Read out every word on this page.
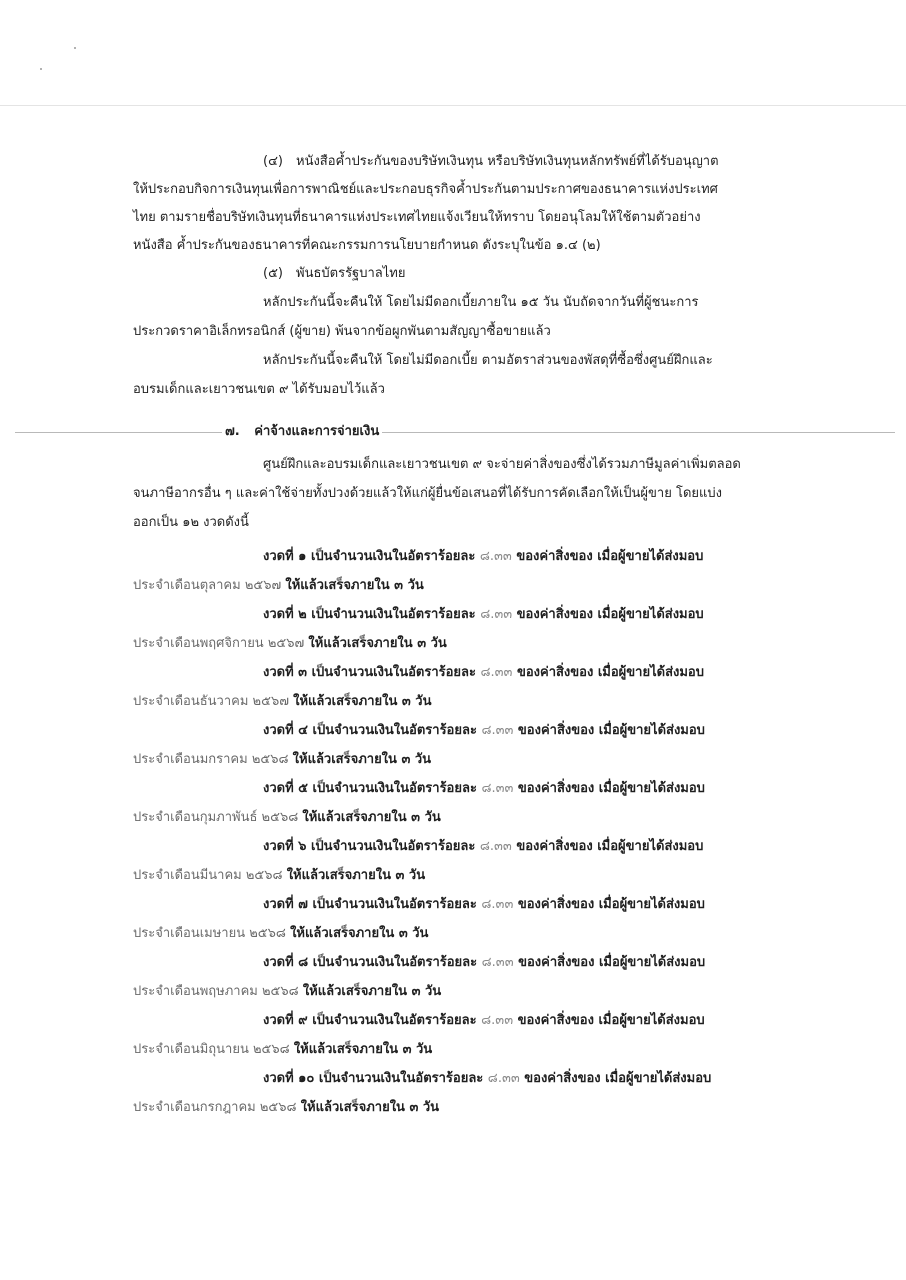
(๔) หนังสือค้ำประกันของบริษัทเงินทุน หรือบริษัทเงินทุนหลักทรัพย์ที่ได้รับอนุญาต
ให้ประกอบกิจการเงินทุนเพื่อการพาณิชย์และประกอบธุรกิจค้ำประกันตามประกาศของธนาคารแห่งประเทศ
ไทย ตามรายชื่อบริษัทเงินทุนที่ธนาคารแห่งประเทศไทยแจ้งเวียนให้ทราบ โดยอนุโลมให้ใช้ตามตัวอย่าง
หนังสือ ค้ำประกันของธนาคารที่คณะกรรมการนโยบายกำหนด ดังระบุในข้อ ๑.๔ (๒)
(๕) พันธบัตรรัฐบาลไทย
หลักประกันนี้จะคืนให้ โดยไม่มีดอกเบี้ยภายใน ๑๕ วัน นับถัดจากวันที่ผู้ชนะการ
ประกวดราคาอิเล็กทรอนิกส์ (ผู้ขาย) พ้นจากข้อผูกพันตามสัญญาซื้อขายแล้ว
หลักประกันนี้จะคืนให้ โดยไม่มีดอกเบี้ย ตามอัตราส่วนของพัสดุที่ซื้อซึ่งศูนย์ฝึกและ
อบรมเด็กและเยาวชนเขต ๙ ได้รับมอบไว้แล้ว
๗. ค่าจ้างและการจ่ายเงิน
ศูนย์ฝึกและอบรมเด็กและเยาวชนเขต ๙ จะจ่ายค่าสิ่งของซึ่งได้รวมภาษีมูลค่าเพิ่มตลอด
จนภาษีอากรอื่น ๆ และค่าใช้จ่ายทั้งปวงด้วยแล้วให้แก่ผู้ยื่นข้อเสนอที่ได้รับการคัดเลือกให้เป็นผู้ขาย โดยแบ่ง
ออกเป็น ๑๒ งวดดังนี้
งวดที่ ๑ เป็นจำนวนเงินในอัตราร้อยละ ๘.๓๓ ของค่าสิ่งของ เมื่อผู้ขายได้ส่งมอบ
ประจำเดือนตุลาคม ๒๕๖๗ ให้แล้วเสร็จภายใน ๓ วัน
งวดที่ ๒ เป็นจำนวนเงินในอัตราร้อยละ ๘.๓๓ ของค่าสิ่งของ เมื่อผู้ขายได้ส่งมอบ
ประจำเดือนพฤศจิกายน ๒๕๖๗ ให้แล้วเสร็จภายใน ๓ วัน
งวดที่ ๓ เป็นจำนวนเงินในอัตราร้อยละ ๘.๓๓ ของค่าสิ่งของ เมื่อผู้ขายได้ส่งมอบ
ประจำเดือนธันวาคม ๒๕๖๗ ให้แล้วเสร็จภายใน ๓ วัน
งวดที่ ๔ เป็นจำนวนเงินในอัตราร้อยละ ๘.๓๓ ของค่าสิ่งของ เมื่อผู้ขายได้ส่งมอบ
ประจำเดือนมกราคม ๒๕๖๘ ให้แล้วเสร็จภายใน ๓ วัน
งวดที่ ๕ เป็นจำนวนเงินในอัตราร้อยละ ๘.๓๓ ของค่าสิ่งของ เมื่อผู้ขายได้ส่งมอบ
ประจำเดือนกุมภาพันธ์ ๒๕๖๘ ให้แล้วเสร็จภายใน ๓ วัน
งวดที่ ๖ เป็นจำนวนเงินในอัตราร้อยละ ๘.๓๓ ของค่าสิ่งของ เมื่อผู้ขายได้ส่งมอบ
ประจำเดือนมีนาคม ๒๕๖๘ ให้แล้วเสร็จภายใน ๓ วัน
งวดที่ ๗ เป็นจำนวนเงินในอัตราร้อยละ ๘.๓๓ ของค่าสิ่งของ เมื่อผู้ขายได้ส่งมอบ
ประจำเดือนเมษายน ๒๕๖๘ ให้แล้วเสร็จภายใน ๓ วัน
งวดที่ ๘ เป็นจำนวนเงินในอัตราร้อยละ ๘.๓๓ ของค่าสิ่งของ เมื่อผู้ขายได้ส่งมอบ
ประจำเดือนพฤษภาคม ๒๕๖๘ ให้แล้วเสร็จภายใน ๓ วัน
งวดที่ ๙ เป็นจำนวนเงินในอัตราร้อยละ ๘.๓๓ ของค่าสิ่งของ เมื่อผู้ขายได้ส่งมอบ
ประจำเดือนมิถุนายน ๒๕๖๘ ให้แล้วเสร็จภายใน ๓ วัน
งวดที่ ๑๐ เป็นจำนวนเงินในอัตราร้อยละ ๘.๓๓ ของค่าสิ่งของ เมื่อผู้ขายได้ส่งมอบ
ประจำเดือนกรกฎาคม ๒๕๖๘ ให้แล้วเสร็จภายใน ๓ วัน
